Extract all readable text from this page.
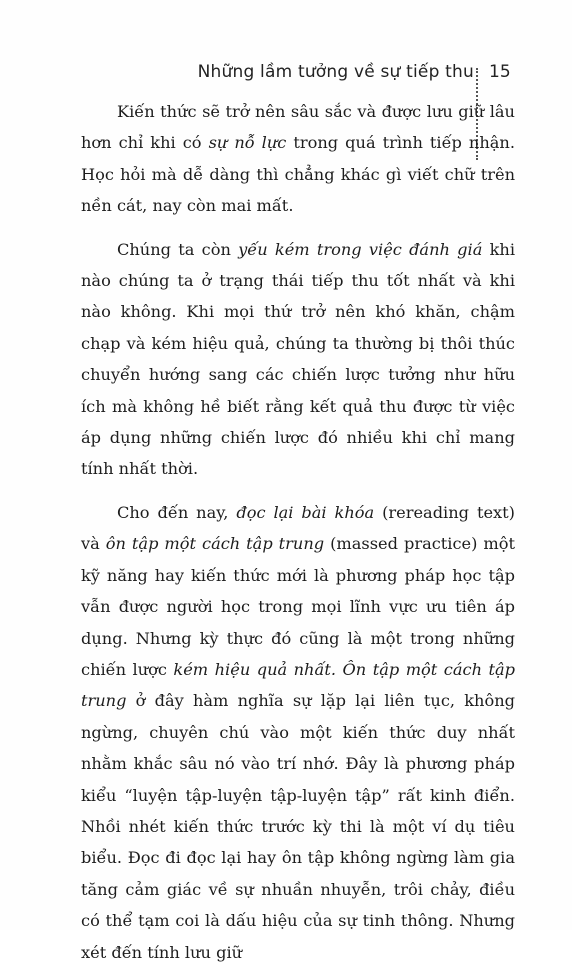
Những lầm tưởng về sự tiếp thu 15

Kiến thức sẽ trở nên sâu sắc và được lưu giữ lâu hơn chỉ khi có sự nỗ lực trong quá trình tiếp nhận. Học hỏi mà dễ dàng thì chẳng khác gì viết chữ trên nền cát, nay còn mai mất.

Chúng ta còn yếu kém trong việc đánh giá khi nào chúng ta ở trạng thái tiếp thu tốt nhất và khi nào không. Khi mọi thứ trở nên khó khăn, chậm chạp và kém hiệu quả, chúng ta thường bị thôi thúc chuyển hướng sang các chiến lược tưởng như hữu ích mà không hề biết rằng kết quả thu được từ việc áp dụng những chiến lược đó nhiều khi chỉ mang tính nhất thời.

Cho đến nay, đọc lại bài khóa (rereading text) và ôn tập một cách tập trung (massed practice) một kỹ năng hay kiến thức mới là phương pháp học tập vẫn được người học trong mọi lĩnh vực ưu tiên áp dụng. Nhưng kỳ thực đó cũng là một trong những chiến lược kém hiệu quả nhất. Ôn tập một cách tập trung ở đây hàm nghĩa sự lặp lại liên tục, không ngừng, chuyên chú vào một kiến thức duy nhất nhằm khắc sâu nó vào trí nhớ. Đây là phương pháp kiểu “luyện tập-luyện tập-luyện tập” rất kinh điển. Nhồi nhét kiến thức trước kỳ thi là một ví dụ tiêu biểu. Đọc đi đọc lại hay ôn tập không ngừng làm gia tăng cảm giác về sự nhuần nhuyễn, trôi chảy, điều có thể tạm coi là dấu hiệu của sự tinh thông. Nhưng xét đến tính lưu giữ
